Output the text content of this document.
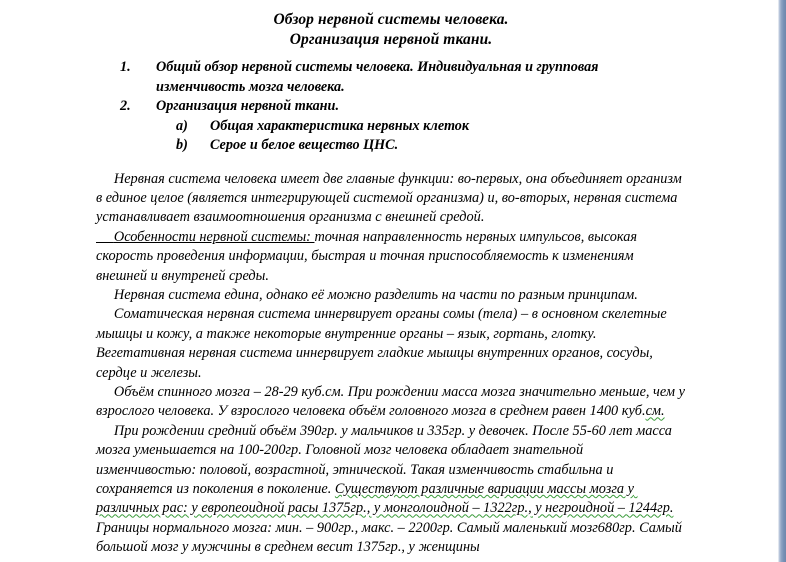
Обзор нервной системы человека.
Организация нервной ткани.
1.	Общий обзор нервной системы человека. Индивидуальная и групповая изменчивость мозга человека.
2.	Организация нервной ткани.
a)	Общая характеристика нервных клеток
b)	Серое и белое вещество ЦНС.

Нервная система человека имеет две главные функции: во-первых, она объединяет организм в единое целое (является интегрирующей системой организма) и, во-вторых, нервная система устанавливает взаимоотношения организма с внешней средой.

Особенности нервной системы: точная направленность нервных импульсов, высокая скорость проведения информации, быстрая и точная приспособляемость к изменениям внешней и внутреней среды.

Нервная система едина, однако её можно разделить на части по разным принципам.

Соматическая нервная система иннервирует органы сомы (тела) – в основном скелетные мышцы и кожу, а также некоторые внутренние органы – язык, гортань, глотку. Вегетативная нервная система иннервирует гладкие мышцы внутренних органов, сосуды, сердце и железы.

Объём спинного мозга – 28-29 куб.см. При рождении масса мозга значительно меньше, чем у взрослого человека. У взрослого человека объём головного мозга в среднем равен 1400 куб.см.

При рождении средний объём 390гр. у мальчиков и 335гр. у девочек. После 55-60 лет масса мозга уменьшается на 100-200гр. Головной мозг человека обладает знательной изменчивостью: половой, возрастной, этнической. Такая изменчивость стабильна и сохраняется из поколения в поколение. Существуют различные вариации массы мозга у различных рас: у европеоидной расы 1375гр., у монголоидной – 1322гр., у негроидной – 1244гр. Границы нормального мозга: мин. – 900гр., макс. – 2200гр. Самый маленький мозг680гр. Самый большой мозг у мужчины в среднем весит 1375гр., у женщины
